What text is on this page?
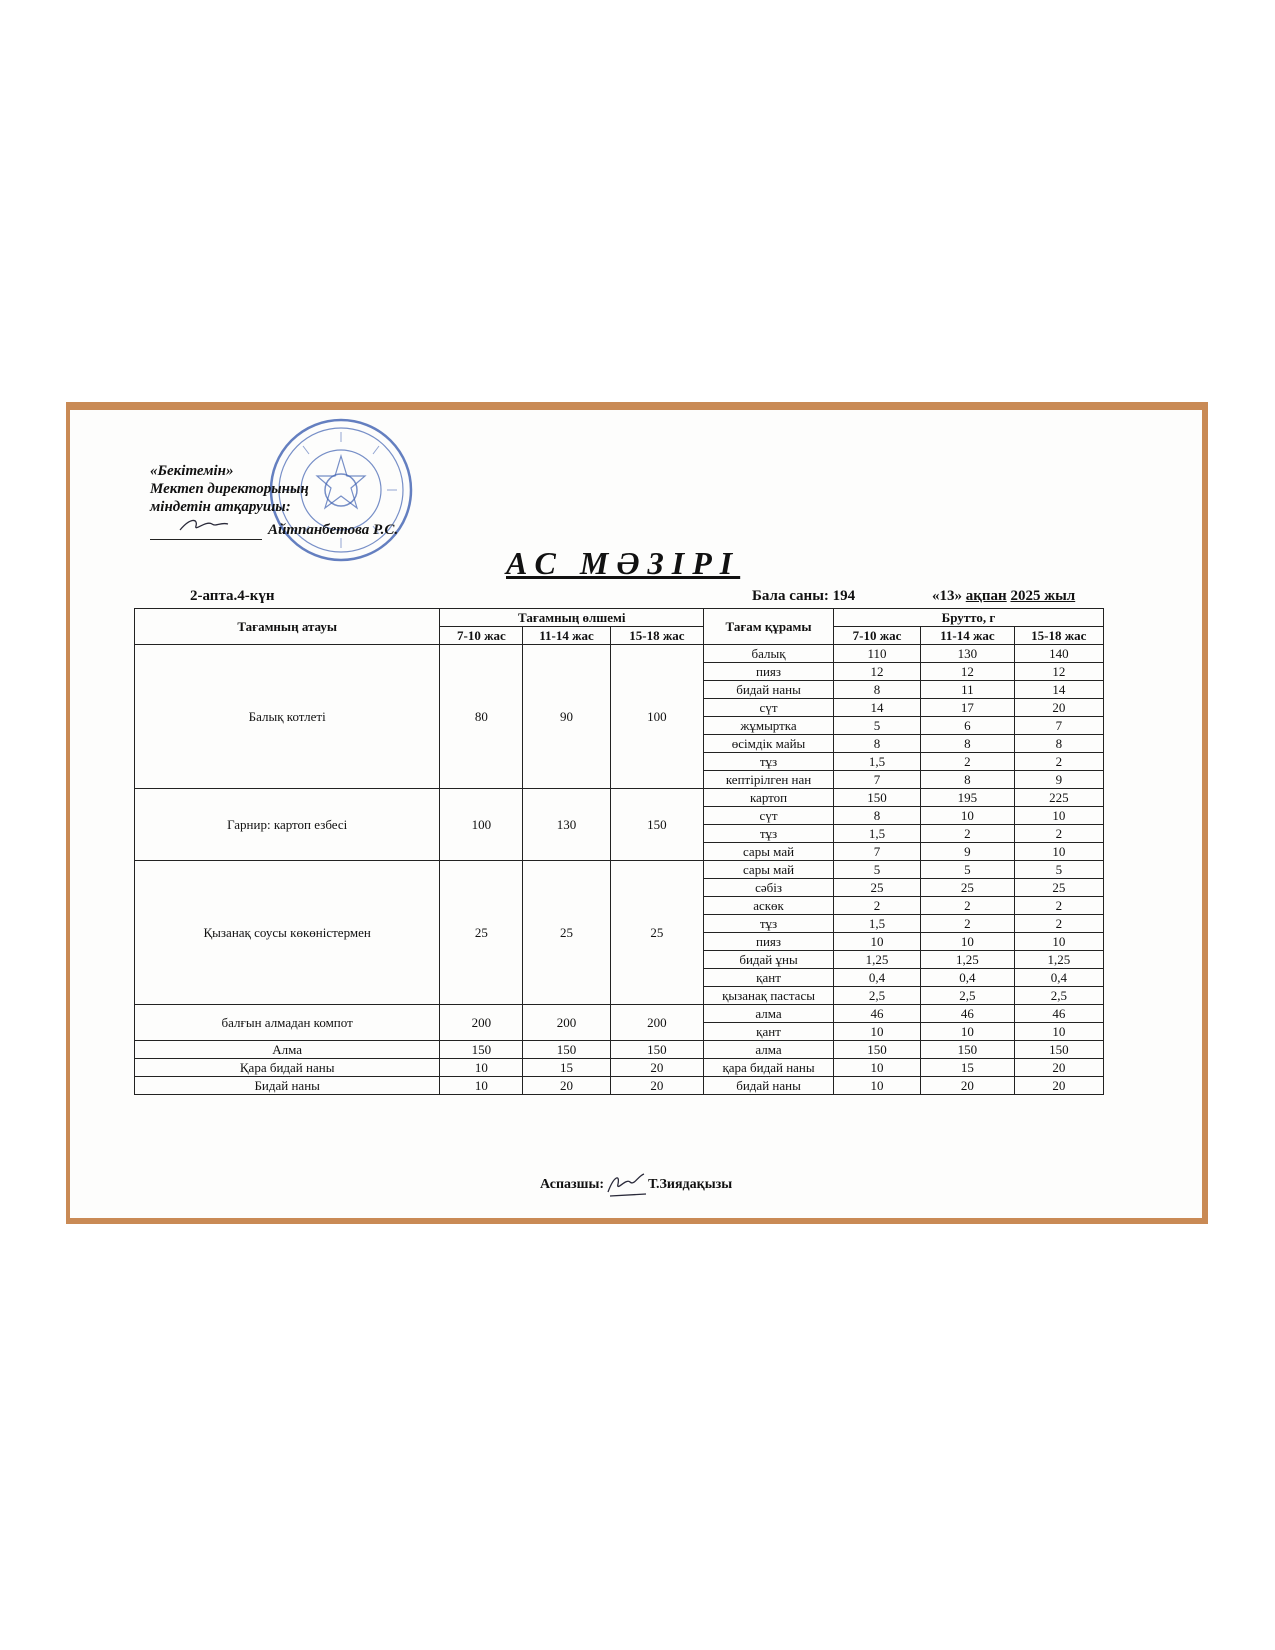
«Бекітемін»
Мектеп директорының
міндетін атқарушы:
Айтпанбетова Р.С.
АС МӘЗІРІ
2-апта.4-күн	Бала саны: 194	«13» ақпан 2025 жыл
Тағамның атауы	Тағамның өлшемі			Тағам құрамы	Брутто, г		
	7-10 жас	11-14 жас	15-18 жас		7-10 жас	11-14 жас	15-18 жас
Балық котлеті	80	90	100	балық	110	130	140
				пияз	12	12	12
				бидай наны	8	11	14
				сүт	14	17	20
				жұмыртка	5	6	7
				өсімдік майы	8	8	8
				тұз	1,5	2	2
				кептірілген нан	7	8	9
Гарнир: картоп езбесі	100	130	150	картоп	150	195	225
				сүт	8	10	10
				тұз	1,5	2	2
				сары май	7	9	10
Қызанақ соусы көкөністермен	25	25	25	сары май	5	5	5
				сәбіз	25	25	25
				аскөк	2	2	2
				тұз	1,5	2	2
				пияз	10	10	10
				бидай ұны	1,25	1,25	1,25
				қант	0,4	0,4	0,4
				қызанақ пастасы	2,5	2,5	2,5
балғын алмадан компот	200	200	200	алма	46	46	46
				қант	10	10	10
Алма	150	150	150	алма	150	150	150
Қара бидай наны	10	15	20	қара бидай наны	10	15	20
Бидай наны	10	20	20	бидай наны	10	20	20
Аспазшы:	Т.Зиядақызы
